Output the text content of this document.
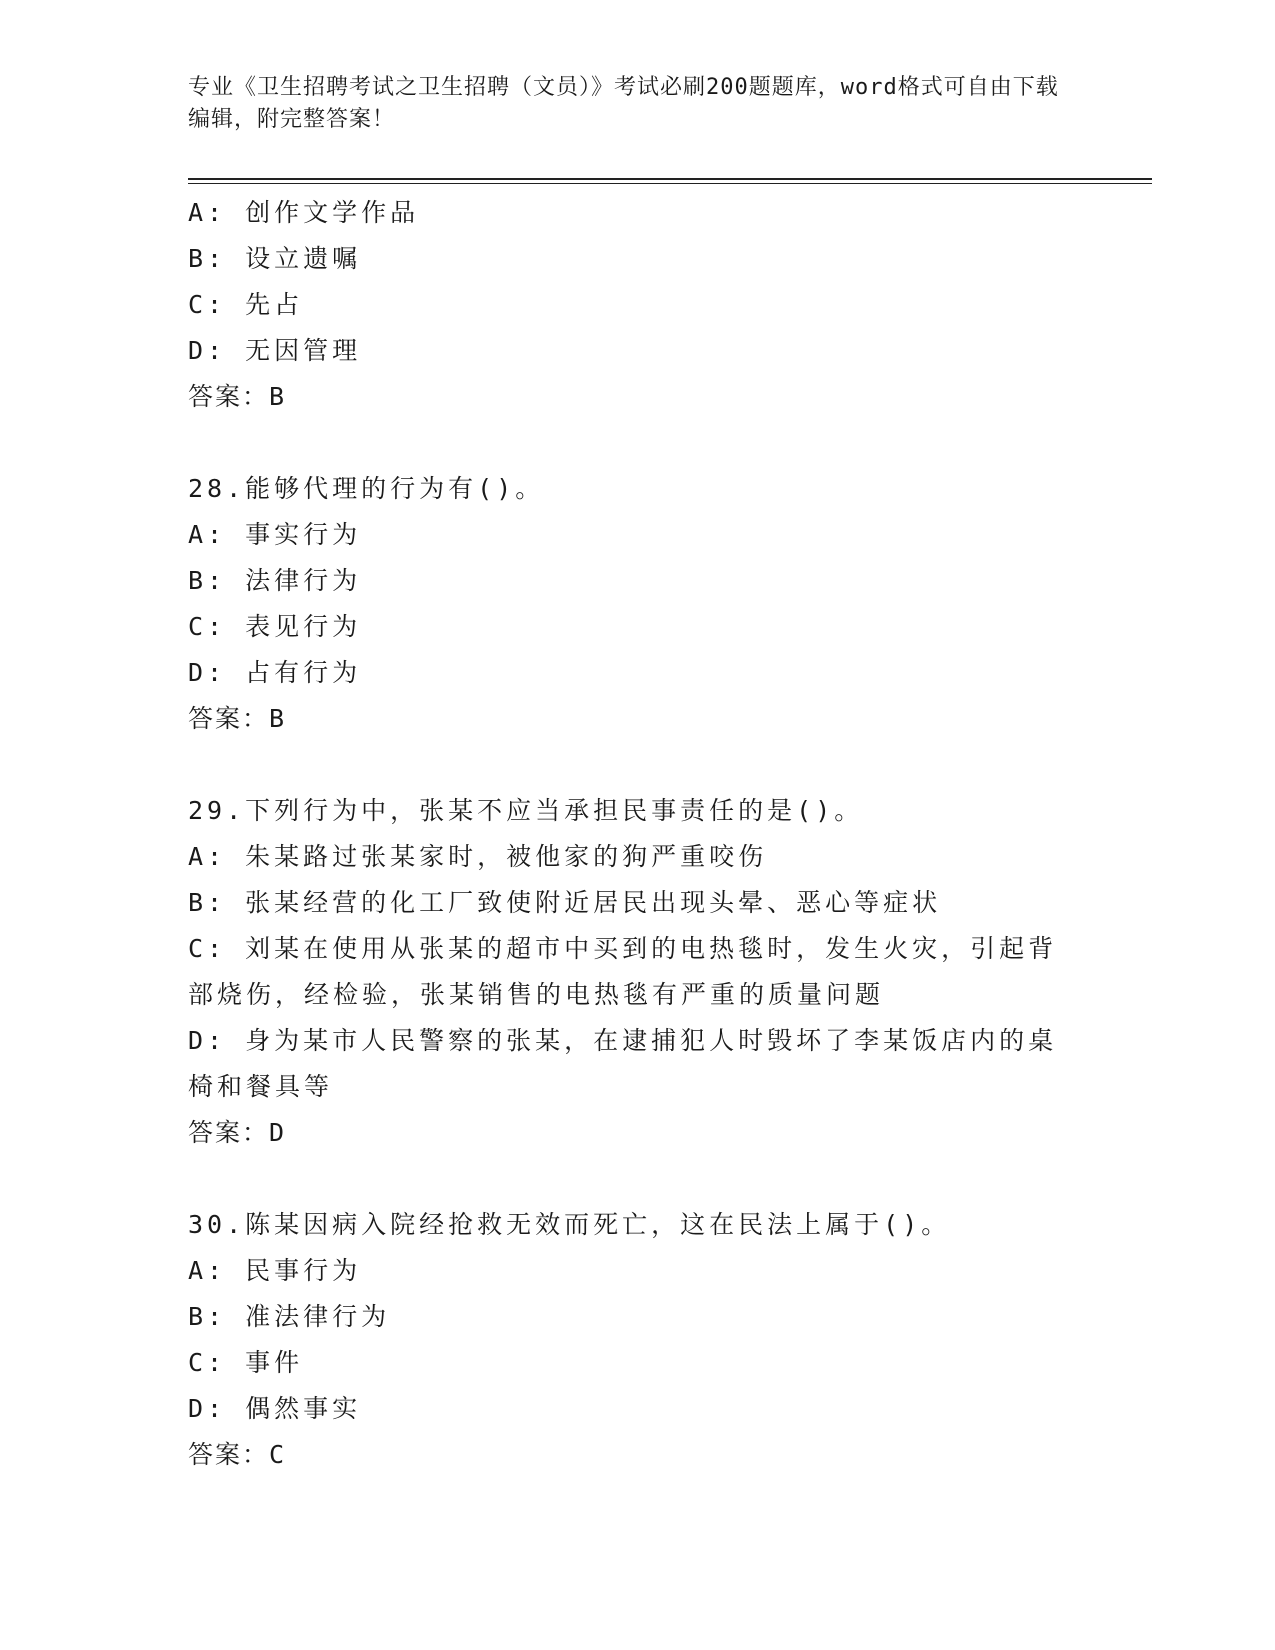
专业《卫生招聘考试之卫生招聘（文员）》考试必刷200题题库，word格式可自由下载编辑，附完整答案！
A: 创作文学作品
B: 设立遗嘱
C: 先占
D: 无因管理
答案：B
28.能够代理的行为有()。
A: 事实行为
B: 法律行为
C: 表见行为
D: 占有行为
答案：B
29.下列行为中，张某不应当承担民事责任的是()。
A: 朱某路过张某家时，被他家的狗严重咬伤
B: 张某经营的化工厂致使附近居民出现头晕、恶心等症状
C: 刘某在使用从张某的超市中买到的电热毯时，发生火灾，引起背部烧伤，经检验，张某销售的电热毯有严重的质量问题
D: 身为某市人民警察的张某，在逮捕犯人时毁坏了李某饭店内的桌椅和餐具等
答案：D
30.陈某因病入院经抢救无效而死亡，这在民法上属于()。
A: 民事行为
B: 准法律行为
C: 事件
D: 偶然事实
答案：C
